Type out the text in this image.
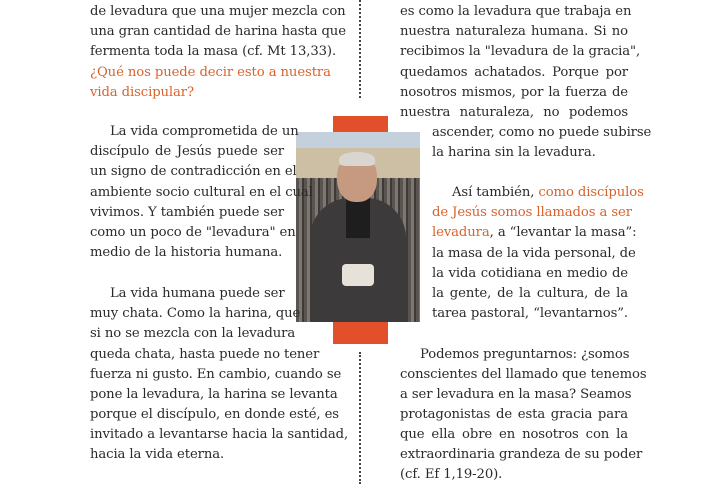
de levadura que una mujer mezcla con
una gran cantidad de harina hasta que
fermenta toda la masa (cf. Mt 13,33).
¿Qué nos puede decir esto a nuestra
vida discipular?
La vida comprometida de un
discípulo de Jesús puede ser
un signo de contradicción en el
ambiente socio cultural en el cual
vivimos. Y también puede ser
como un poco de "levadura" en
medio de la historia humana.
La vida humana puede ser
muy chata. Como la harina, que
si no se mezcla con la levadura
queda chata, hasta puede no tener
fuerza ni gusto. En cambio, cuando se
pone la levadura, la harina se levanta
porque el discípulo, en donde esté, es
invitado a levantarse hacia la santidad,
hacia la vida eterna.
es como la levadura que trabaja en
nuestra naturaleza humana. Si no
recibimos la "levadura de la gracia",
quedamos achatados. Porque por
nosotros mismos, por la fuerza de
nuestra naturaleza, no podemos
ascender, como no puede subirse
la harina sin la levadura.
Así también, como discípulos
de Jesús somos llamados a ser
levadura, a “levantar la masa”:
la masa de la vida personal, de
la vida cotidiana en medio de
la gente, de la cultura, de la
tarea pastoral, “levantarnos”.
Podemos preguntarnos: ¿somos
conscientes del llamado que tenemos
a ser levadura en la masa? Seamos
protagonistas de esta gracia para
que ella obre en nosotros con la
extraordinaria grandeza de su poder
(cf. Ef 1,19-20).
